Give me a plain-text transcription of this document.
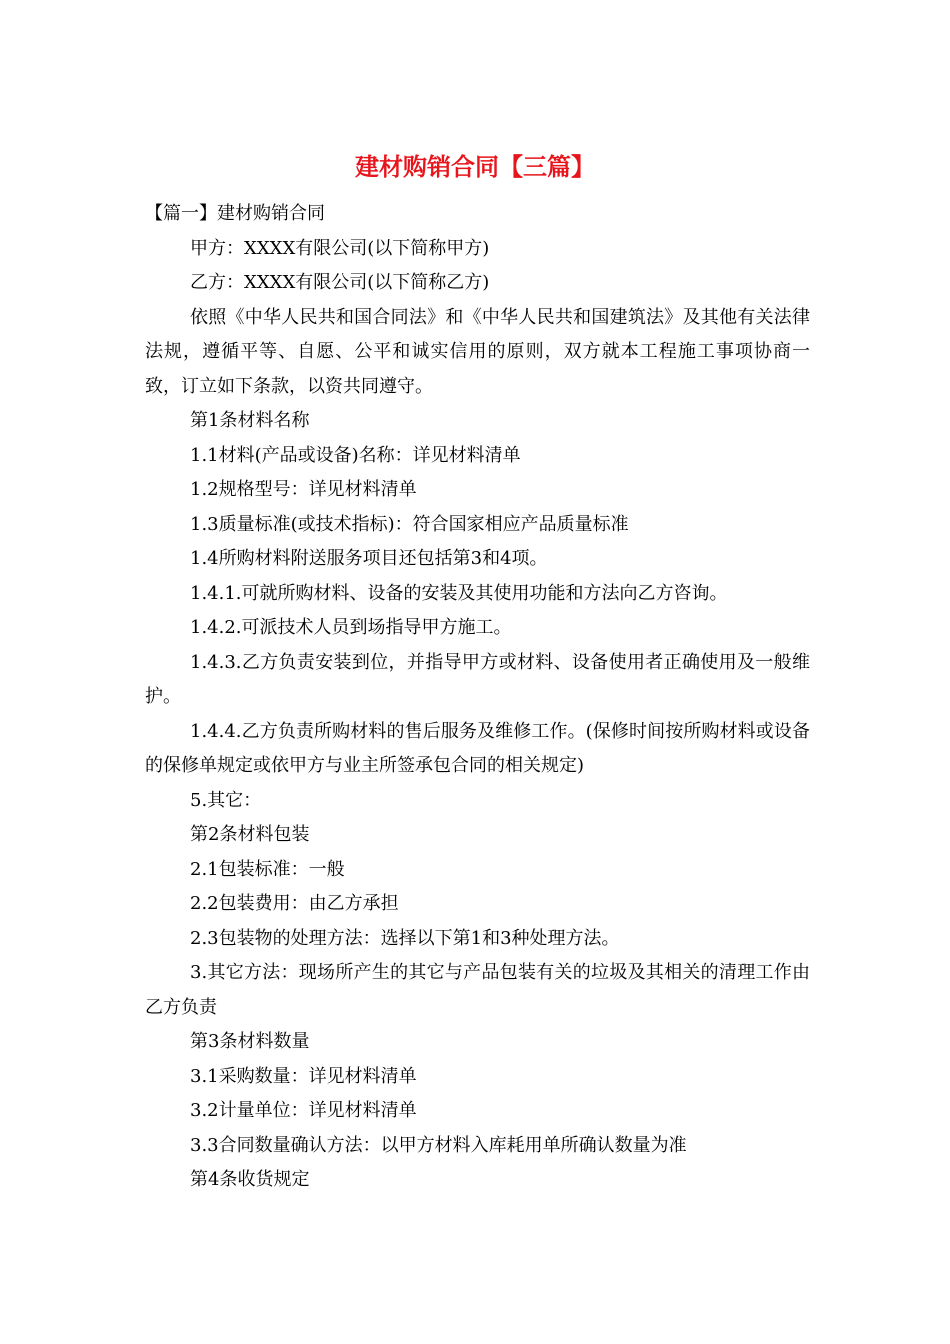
建材购销合同【三篇】

【篇一】建材购销合同

甲方：XXXX有限公司(以下简称甲方)

乙方：XXXX有限公司(以下简称乙方)

依照《中华人民共和国合同法》和《中华人民共和国建筑法》及其他有关法律法规，遵循平等、自愿、公平和诚实信用的原则，双方就本工程施工事项协商一致，订立如下条款，以资共同遵守。

第1条材料名称

1.1材料(产品或设备)名称：详见材料清单

1.2规格型号：详见材料清单

1.3质量标准(或技术指标)：符合国家相应产品质量标准

1.4所购材料附送服务项目还包括第3和4项。

1.4.1.可就所购材料、设备的安装及其使用功能和方法向乙方咨询。

1.4.2.可派技术人员到场指导甲方施工。

1.4.3.乙方负责安装到位，并指导甲方或材料、设备使用者正确使用及一般维护。

1.4.4.乙方负责所购材料的售后服务及维修工作。(保修时间按所购材料或设备的保修单规定或依甲方与业主所签承包合同的相关规定)

5.其它：

第2条材料包装

2.1包装标准：一般

2.2包装费用：由乙方承担

2.3包装物的处理方法：选择以下第1和3种处理方法。

3.其它方法：现场所产生的其它与产品包装有关的垃圾及其相关的清理工作由乙方负责

第3条材料数量

3.1采购数量：详见材料清单

3.2计量单位：详见材料清单

3.3合同数量确认方法：以甲方材料入库耗用单所确认数量为准

第4条收货规定
